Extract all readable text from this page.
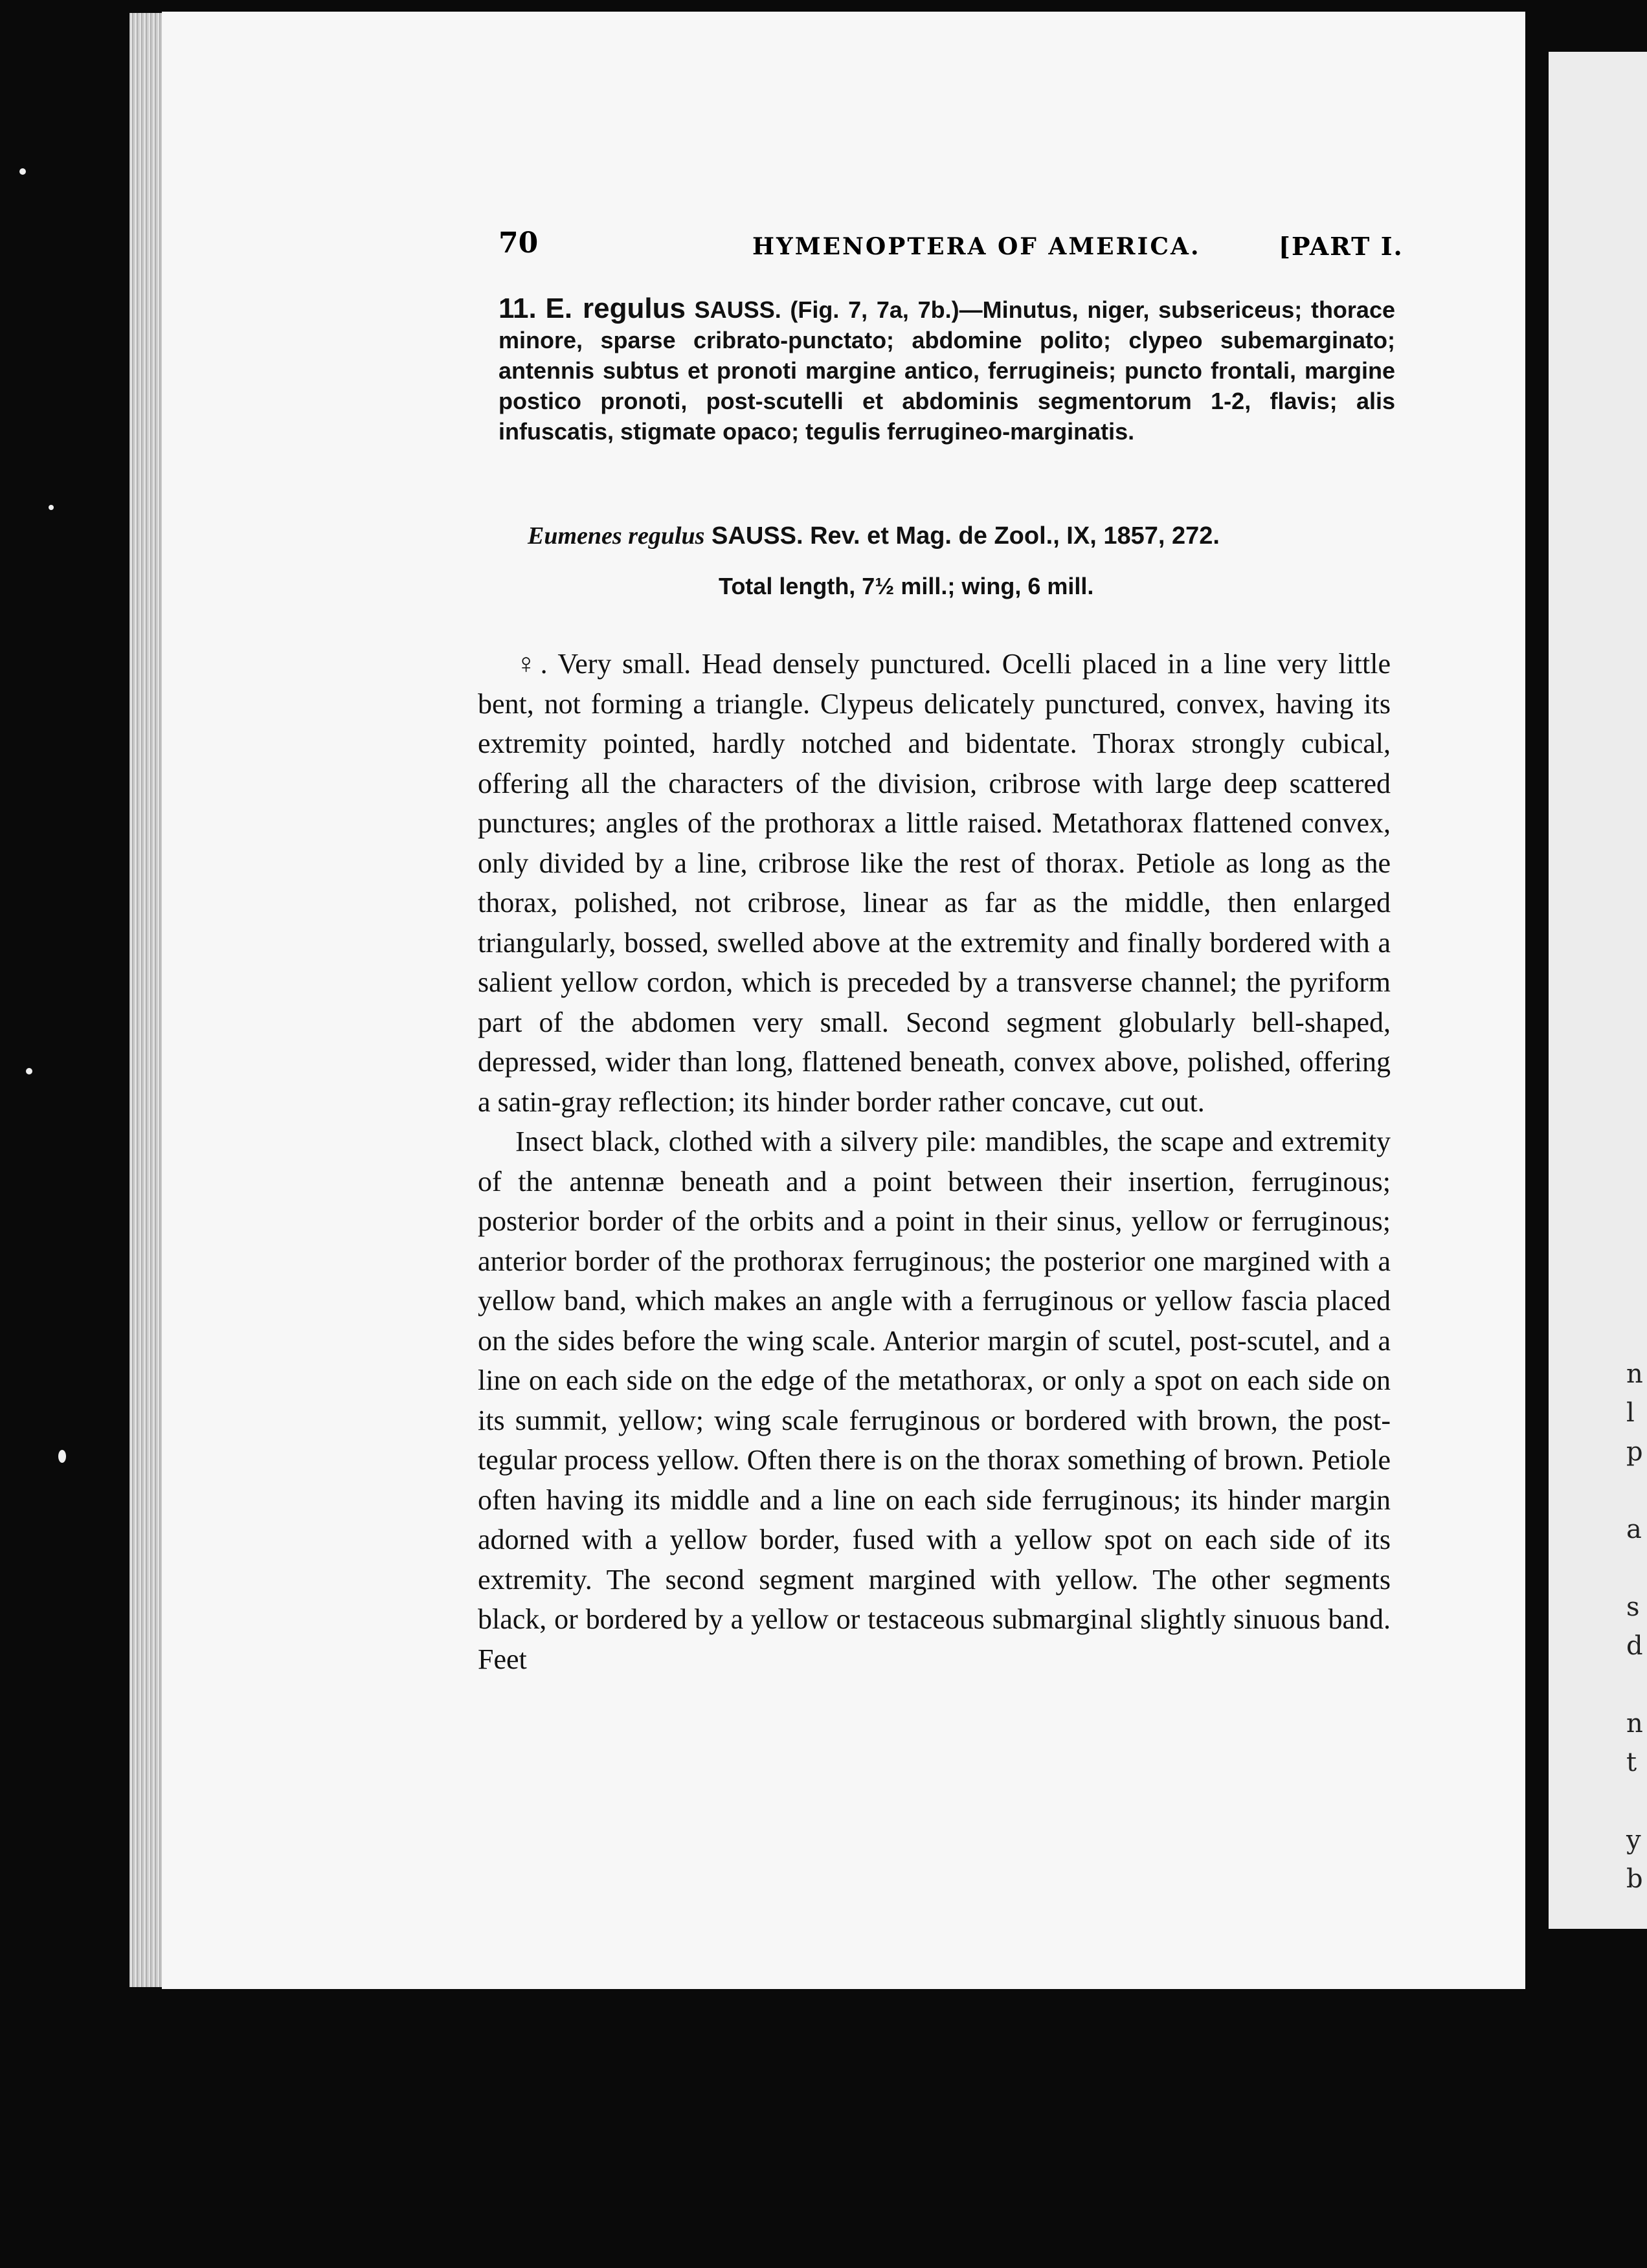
n
l
p
a
s
d
n
t
y
b
70	HYMENOPTERA OF AMERICA.	[PART I.
11. E. regulus SAUSS. (Fig. 7, 7a, 7b.)—Minutus, niger, subsericeus; thorace minore, sparse cribrato-punctato; abdomine polito; clypeo subemarginato; antennis subtus et pronoti margine antico, ferrugineis; puncto frontali, margine postico pronoti, post-scutelli et abdominis segmentorum 1-2, flavis; alis infuscatis, stigmate opaco; tegulis ferrugineo-marginatis.
Eumenes regulus SAUSS. Rev. et Mag. de Zool., IX, 1857, 272.
Total length, 7½ mill.; wing, 6 mill.

♀. Very small. Head densely punctured. Ocelli placed in a line very little bent, not forming a triangle. Clypeus delicately punctured, convex, having its extremity pointed, hardly notched and bidentate. Thorax strongly cubical, offering all the characters of the division, cribrose with large deep scattered punctures; angles of the prothorax a little raised. Metathorax flattened convex, only divided by a line, cribrose like the rest of thorax. Petiole as long as the thorax, polished, not cribrose, linear as far as the middle, then enlarged triangularly, bossed, swelled above at the extremity and finally bordered with a salient yellow cordon, which is preceded by a transverse channel; the pyriform part of the abdomen very small. Second segment globularly bell-shaped, depressed, wider than long, flattened beneath, convex above, polished, offering a satin-gray reflection; its hinder border rather concave, cut out.

Insect black, clothed with a silvery pile: mandibles, the scape and extremity of the antennæ beneath and a point between their insertion, ferruginous; posterior border of the orbits and a point in their sinus, yellow or ferruginous; anterior border of the prothorax ferruginous; the posterior one margined with a yellow band, which makes an angle with a ferruginous or yellow fascia placed on the sides before the wing scale. Anterior margin of scutel, post-scutel, and a line on each side on the edge of the metathorax, or only a spot on each side on its summit, yellow; wing scale ferruginous or bordered with brown, the post-tegular process yellow. Often there is on the thorax something of brown. Petiole often having its middle and a line on each side ferruginous; its hinder margin adorned with a yellow border, fused with a yellow spot on each side of its extremity. The second segment margined with yellow. The other segments black, or bordered by a yellow or testaceous submarginal slightly sinuous band. Feet
